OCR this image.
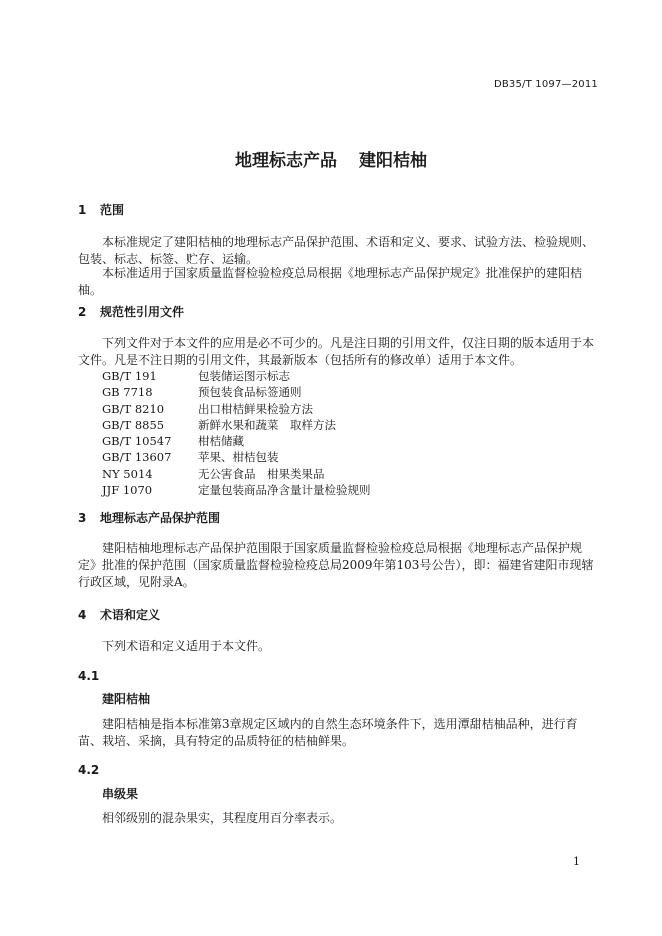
DB35/T 1097—2011
地理标志产品 建阳桔柚
1 范围
本标准规定了建阳桔柚的地理标志产品保护范围、术语和定义、要求、试验方法、检验规则、包装、标志、标签、贮存、运输。
本标准适用于国家质量监督检验检疫总局根据《地理标志产品保护规定》批准保护的建阳桔柚。
2 规范性引用文件
下列文件对于本文件的应用是必不可少的。凡是注日期的引用文件，仅注日期的版本适用于本文件。凡是不注日期的引用文件，其最新版本（包括所有的修改单）适用于本文件。
GB/T 191	包装储运图示标志
GB 7718	预包装食品标签通则
GB/T 8210	出口柑桔鲜果检验方法
GB/T 8855	新鲜水果和蔬菜　取样方法
GB/T 10547	柑桔储藏
GB/T 13607	苹果、柑桔包装
NY 5014	无公害食品　柑果类果品
JJF 1070	定量包装商品净含量计量检验规则
3 地理标志产品保护范围
建阳桔柚地理标志产品保护范围限于国家质量监督检验检疫总局根据《地理标志产品保护规定》批准的保护范围（国家质量监督检验检疫总局2009年第103号公告），即：福建省建阳市现辖行政区域，见附录A。
4 术语和定义
下列术语和定义适用于本文件。
4.1
建阳桔柚
建阳桔柚是指本标准第3章规定区域内的自然生态环境条件下，选用潭甜桔柚品种，进行育苗、栽培、采摘，具有特定的品质特征的桔柚鲜果。
4.2
串级果
相邻级别的混杂果实，其程度用百分率表示。
1
